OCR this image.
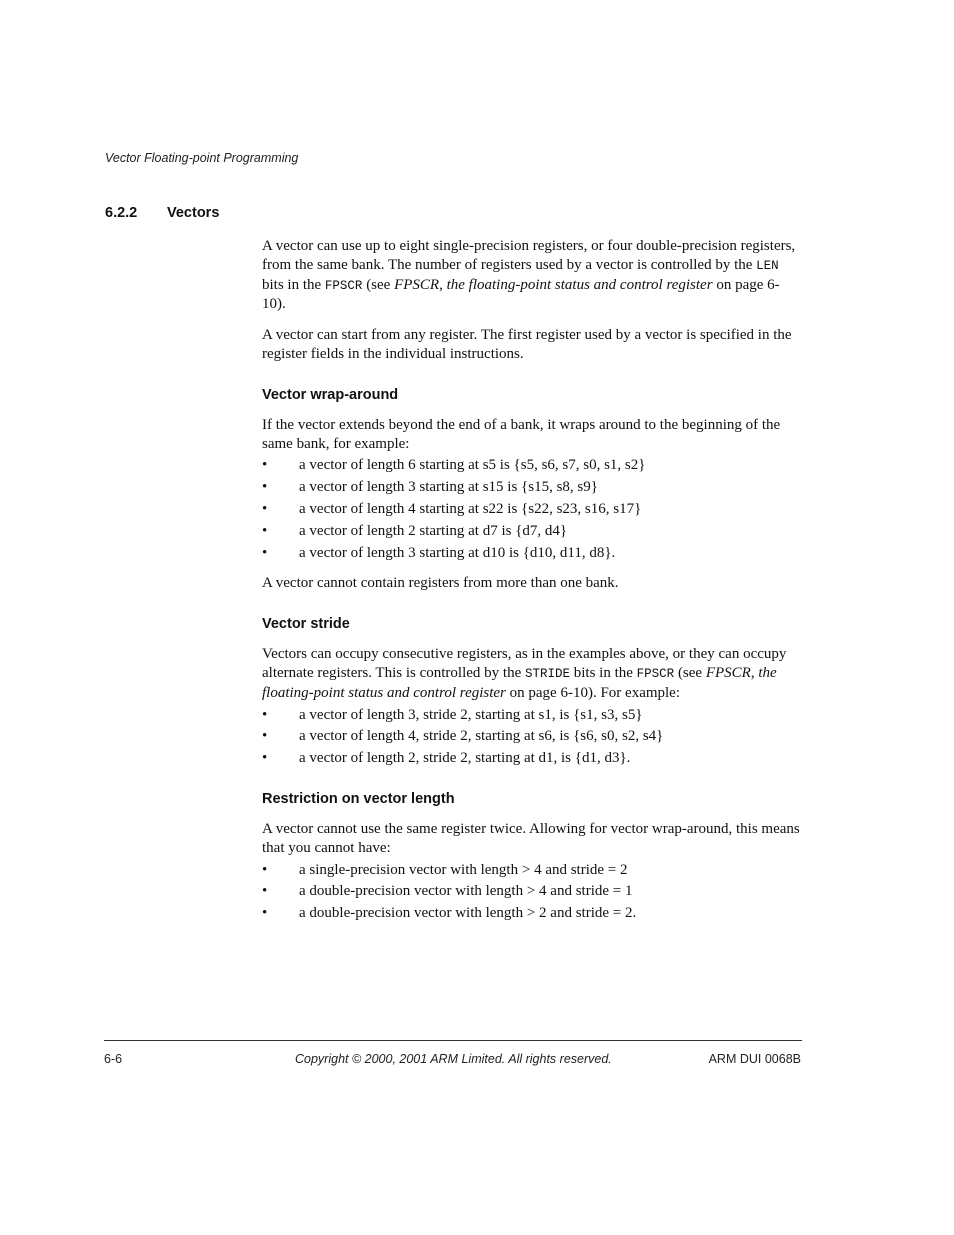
Vector Floating-point Programming
6.2.2 Vectors

A vector can use up to eight single-precision registers, or four double-precision registers, from the same bank. The number of registers used by a vector is controlled by the LEN bits in the FPSCR (see FPSCR, the floating-point status and control register on page 6-10).

A vector can start from any register. The first register used by a vector is specified in the register fields in the individual instructions.

Vector wrap-around

If the vector extends beyond the end of a bank, it wraps around to the beginning of the same bank, for example:

• a vector of length 6 starting at s5 is {s5, s6, s7, s0, s1, s2}
• a vector of length 3 starting at s15 is {s15, s8, s9}
• a vector of length 4 starting at s22 is {s22, s23, s16, s17}
• a vector of length 2 starting at d7 is {d7, d4}
• a vector of length 3 starting at d10 is {d10, d11, d8}.

A vector cannot contain registers from more than one bank.

Vector stride

Vectors can occupy consecutive registers, as in the examples above, or they can occupy alternate registers. This is controlled by the STRIDE bits in the FPSCR (see FPSCR, the floating-point status and control register on page 6-10). For example:

• a vector of length 3, stride 2, starting at s1, is {s1, s3, s5}
• a vector of length 4, stride 2, starting at s6, is {s6, s0, s2, s4}
• a vector of length 2, stride 2, starting at d1, is {d1, d3}.
Restriction on vector length

A vector cannot use the same register twice. Allowing for vector wrap-around, this means that you cannot have:

• a single-precision vector with length > 4 and stride = 2
• a double-precision vector with length > 4 and stride = 1
• a double-precision vector with length > 2 and stride = 2.
6-6	Copyright © 2000, 2001 ARM Limited. All rights reserved.	ARM DUI 0068B
